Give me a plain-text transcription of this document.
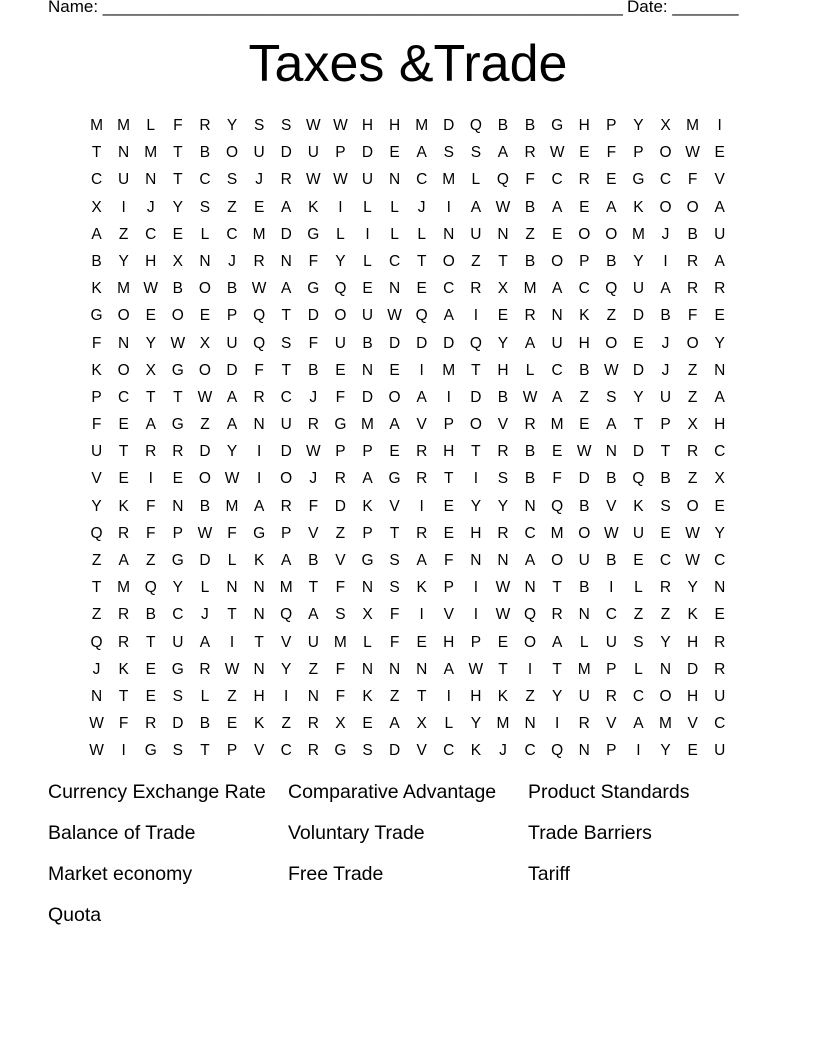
Name: _______________________________________________________ Date: _______
Taxes &Trade
M M	L	F	R	Y	S	S W W H	H M D Q	B	B	G H	P	Y	X M	I
T	N M	T	B	O U	D	U	P	D	E	A	S	S	A	R W E	F	P	O W E
C	U	N	T	C	S	J	R W W U	N	C M	L	Q	F	C	R	E	G C	F	V
X	I	J	Y	S	Z	E	A	K	I	L	L	J	I	A W B	A	E	A	K	O O	A
A	Z	C	E	L	C M D G	L	I	L	L	N	U	N	Z	E	O O M	J	B	U
B	Y	H	X	N	J	R	N	F	Y	L	C	T	O	Z	T	B	O	P	B	Y	I	R	A
K M W B	O	B W A	G Q	E	N	E	C	R	X M A	C Q U	A	R	R
G O	E	O	E	P	Q	T	D O U W Q	A	I	E	R	N	K	Z	D	B	F	E
F	N	Y W X	U Q	S	F	U	B	D	D	D Q	Y	A	U	H O	E	J	O	Y
K	O	X	G O D	F	T	B	E	N	E	I	M	T	H	L	C	B W D	J	Z	N
P	C	T	T W A	R	C	J	F	D O	A	I	D	B W A	Z	S	Y	U	Z	A
F	E	A	G	Z	A	N	U	R G M A	V	P	O	V	R M E	A	T	P	X	H
U	T	R	R	D	Y	I	D W P	P	E	R	H	T	R	B	E W N	D	T	R	C
V	E	I	E	O W	I	O	J	R	A	G R	T	I	S	B	F	D	B	Q	B	Z	X
Y	K	F	N	B M A	R	F	D	K	V	I	E	Y	Y	N Q	B	V	K	S	O	E
Q R	F	P W F	G	P	V	Z	P	T	R	E	H	R	C M O W U	E W Y
Z	A	Z	G D	L	K	A	B	V	G	S	A	F	N	N	A	O U	B	E	C W C
T	M Q	Y	L	N	N M	T	F	N	S	K	P	I	W N	T	B	I	L	R	Y	N
Z	R	B	C	J	T	N Q	A	S	X	F	I	V	I	W Q R	N	C	Z	Z	K	E
Q R	T	U	A	I	T	V	U M	L	F	E	H	P	E	O	A	L	U	S	Y	H	R
J	K	E	G R W N	Y	Z	F	N	N	N	A W T	I	T	M P	L	N	D	R
N	T	E	S	L	Z	H	I	N	F	K	Z	T	I	H	K	Z	Y	U	R	C O H	U
W F	R	D	B	E	K	Z	R	X	E	A	X	L	Y M N	I	R	V	A M V	C
W	I	G	S	T	P	V	C	R G	S	D	V	C	K	J	C Q N	P	I	Y	E	U
Currency Exchange Rate	Comparative Advantage	Product Standards
Balance of Trade	Voluntary Trade	Trade Barriers
Market economy	Free Trade	Tariff
Quota
